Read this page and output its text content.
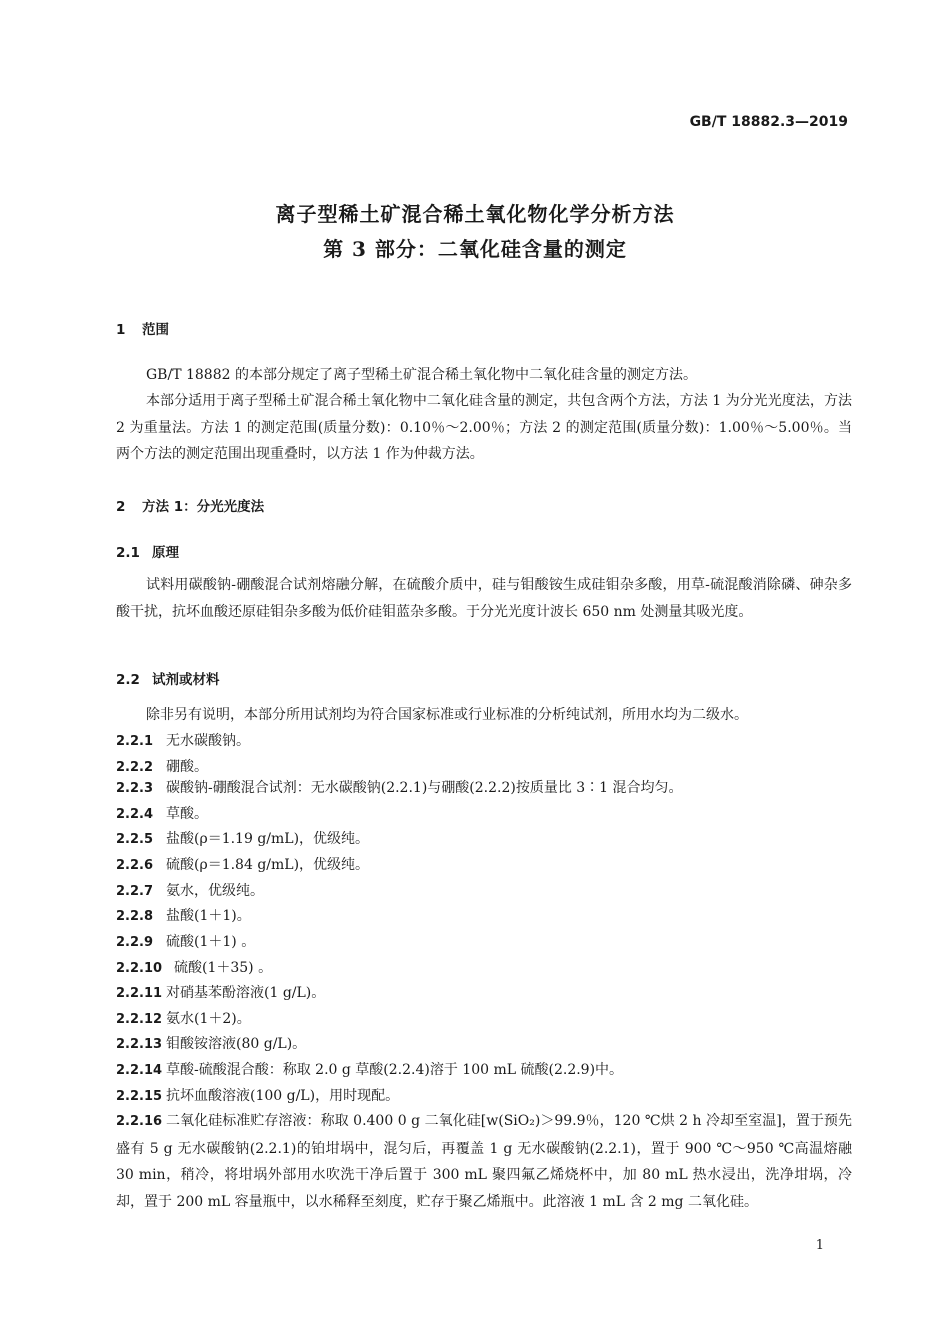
GB/T 18882.3—2019
离子型稀土矿混合稀土氧化物化学分析方法
第 3 部分：二氧化硅含量的测定
1 范围
GB/T 18882 的本部分规定了离子型稀土矿混合稀土氧化物中二氧化硅含量的测定方法。
本部分适用于离子型稀土矿混合稀土氧化物中二氧化硅含量的测定，共包含两个方法，方法 1 为分光光度法，方法 2 为重量法。方法 1 的测定范围(质量分数)：0.10％～2.00％；方法 2 的测定范围(质量分数)：1.00％～5.00％。当两个方法的测定范围出现重叠时，以方法 1 作为仲裁方法。
2 方法 1：分光光度法
2.1 原理
试料用碳酸钠-硼酸混合试剂熔融分解，在硫酸介质中，硅与钼酸铵生成硅钼杂多酸，用草-硫混酸消除磷、砷杂多酸干扰，抗坏血酸还原硅钼杂多酸为低价硅钼蓝杂多酸。于分光光度计波长 650 nm 处测量其吸光度。
2.2 试剂或材料
除非另有说明，本部分所用试剂均为符合国家标准或行业标准的分析纯试剂，所用水均为二级水。
2.2.1 无水碳酸钠。
2.2.2 硼酸。
2.2.3 碳酸钠-硼酸混合试剂：无水碳酸钠(2.2.1)与硼酸(2.2.2)按质量比 3∶1 混合均匀。
2.2.4 草酸。
2.2.5 盐酸(ρ＝1.19 g/mL)，优级纯。
2.2.6 硫酸(ρ＝1.84 g/mL)，优级纯。
2.2.7 氨水，优级纯。
2.2.8 盐酸(1＋1)。
2.2.9 硫酸(1＋1) 。
2.2.10 硫酸(1＋35) 。
2.2.11 对硝基苯酚溶液(1 g/L)。
2.2.12 氨水(1＋2)。
2.2.13 钼酸铵溶液(80 g/L)。
2.2.14 草酸-硫酸混合酸：称取 2.0 g 草酸(2.2.4)溶于 100 mL 硫酸(2.2.9)中。
2.2.15 抗坏血酸溶液(100 g/L)，用时现配。
2.2.16 二氧化硅标准贮存溶液：称取 0.400 0 g 二氧化硅[w(SiO₂)＞99.9％，120 ℃烘 2 h 冷却至室温]，置于预先盛有 5 g 无水碳酸钠(2.2.1)的铂坩埚中，混匀后，再覆盖 1 g 无水碳酸钠(2.2.1)，置于 900 ℃～950 ℃高温熔融 30 min，稍冷，将坩埚外部用水吹洗干净后置于 300 mL 聚四氟乙烯烧杯中，加 80 mL 热水浸出，洗净坩埚，冷却，置于 200 mL 容量瓶中，以水稀释至刻度，贮存于聚乙烯瓶中。此溶液 1 mL 含 2 mg 二氧化硅。
1
